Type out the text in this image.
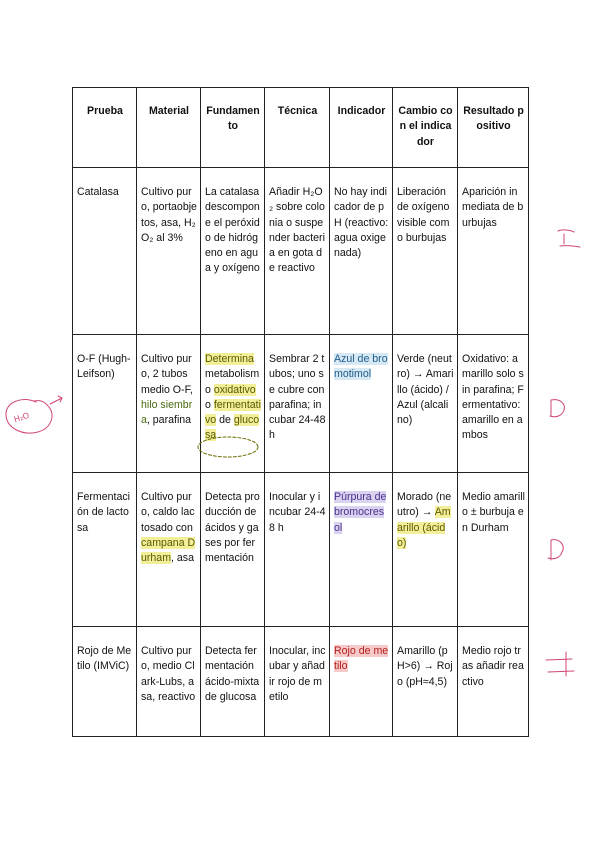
Prueba	Material	Fundamento	Técnica	Indicador	Cambio con el indicador	Resultado positivo
Catalasa	Cultivo puro, portaobjetos, asa, H₂O₂ al 3%	La catalasa descompone el peróxido de hidrógeno en agua y oxígeno	Añadir H₂O₂ sobre colonia o suspender bacteria en gota de reactivo	No hay indicador de pH (reactivo: agua oxigenada)	Liberación de oxígeno visible como burbujas	Aparición inmediata de burbujas
O-F (Hugh-Leifson)	Cultivo puro, 2 tubos medio O-F, hilo siembra, parafina	Determina metabolismo oxidativo o fermentativo de glucosa	Sembrar 2 tubos; uno se cubre con parafina; incubar 24-48 h	Azul de bromotimol	Verde (neutro) → Amarillo (ácido) / Azul (alcalino)	Oxidativo: amarillo solo sin parafina; Fermentativo: amarillo en ambos
Fermentación de lactosa	Cultivo puro, caldo lactosado con campana Durham, asa	Detecta producción de ácidos y gases por fermentación	Inocular y incubar 24-48 h	Púrpura de bromocresol	Morado (neutro) → Amarillo (ácido)	Medio amarillo ± burbuja en Durham
Rojo de Metilo (IMViC)	Cultivo puro, medio Clark-Lubs, asa, reactivo	Detecta fermentación ácido-mixta de glucosa	Inocular, incubar y añadir rojo de metilo	Rojo de metilo	Amarillo (pH>6) → Rojo (pH≈4,5)	Medio rojo tras añadir reactivo
H₂O
